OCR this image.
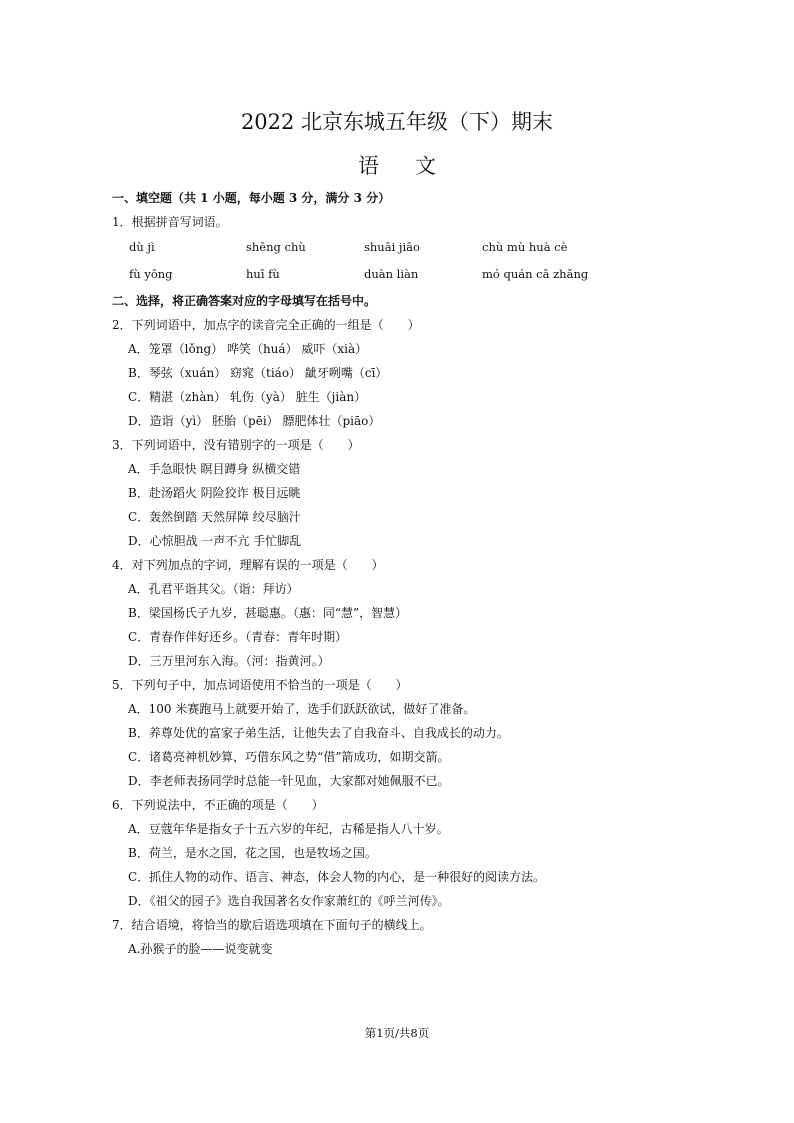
2022 北京东城五年级（下）期末
语 文
一、填空题（共 1 小题，每小题 3 分，满分 3 分）
1．根据拼音写词语。
dù jì	shēng chù	shuāi jiāo	chù mù huà cè
fù yōng	huī fù	duàn liàn	mó quán cā zhǎng
二、选择，将正确答案对应的字母填写在括号中。
2．下列词语中，加点字的读音完全正确的一组是（　　）
A．笼罩（lǒng） 哗笑（huá） 威吓（xià）
B．琴弦（xuán） 窈窕（tiáo） 龇牙咧嘴（cī）
C．精湛（zhàn） 轧伤（yà） 脏生（jiàn）
D．造诣（yì） 胚胎（pēi） 膘肥体壮（piāo）
3．下列词语中，没有错别字的一项是（　　）
A．手急眼快 瞑目蹲身 纵横交错
B．赴汤蹈火 阴险狡诈 极目远眺
C．轰然倒踏 天然屏障 绞尽脑汁
D．心惊胆战 一声不亢 手忙脚乱
4．对下列加点的字词，理解有误的一项是（　　）
A．孔君平诣其父。（诣：拜访）
B．梁国杨氏子九岁，甚聪惠。（惠：同“慧”，智慧）
C．青春作伴好还乡。（青春：青年时期）
D．三万里河东入海。（河：指黄河。）
5．下列句子中，加点词语使用不恰当的一项是（　　）
A．100 米赛跑马上就要开始了，选手们跃跃欲试，做好了准备。
B．养尊处优的富家子弟生活，让他失去了自我奋斗、自我成长的动力。
C．诸葛亮神机妙算，巧借东风之势“借”箭成功，如期交箭。
D．李老师表扬同学时总能一针见血，大家都对她佩服不已。
6．下列说法中，不正确的项是（　　）
A．豆蔻年华是指女子十五六岁的年纪，古稀是指人八十岁。
B．荷兰，是水之国，花之国，也是牧场之国。
C．抓住人物的动作、语言、神态，体会人物的内心，是一种很好的阅读方法。
D．《祖父的园子》选自我国著名女作家萧红的《呼兰河传》。
7．结合语境，将恰当的歇后语选项填在下面句子的横线上。
A.孙猴子的脸——说变就变
第1页/共8页
